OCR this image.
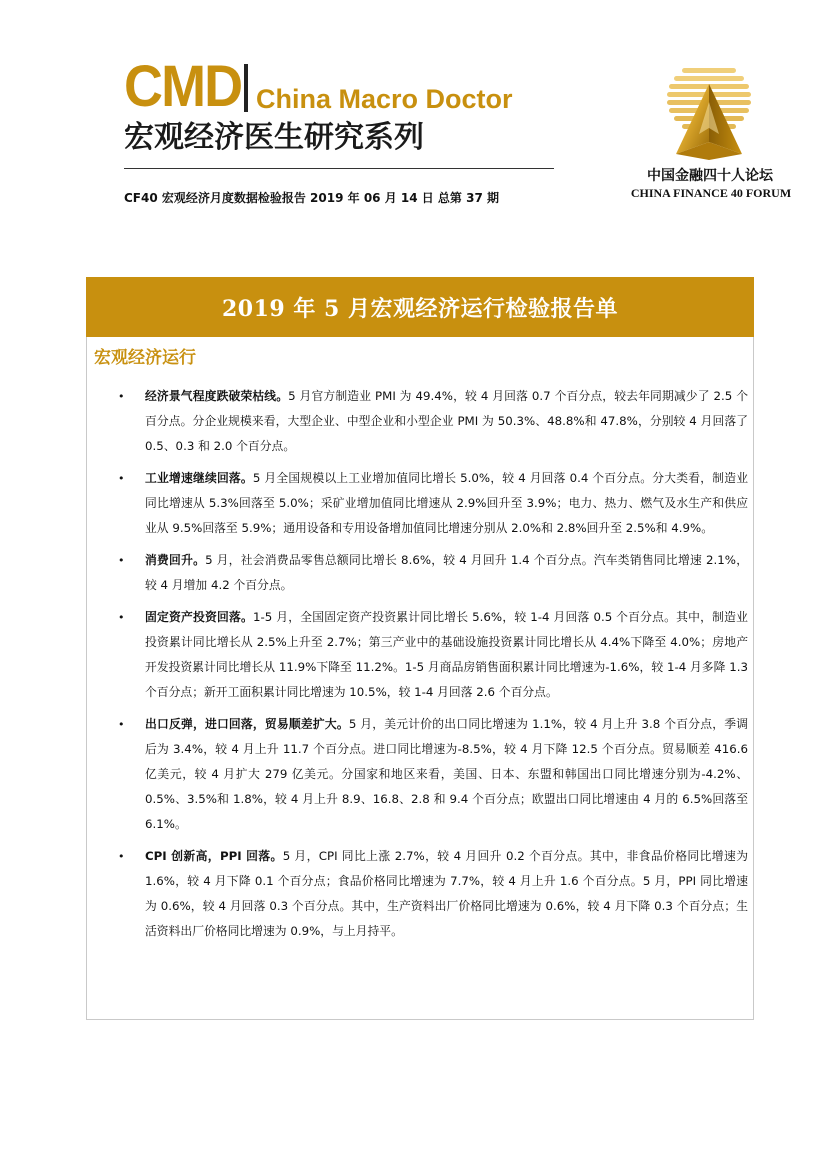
CMD China Macro Doctor
宏观经济医生研究系列
CF40 宏观经济月度数据检验报告 2019 年 06 月 14 日 总第 37 期
中国金融四十人论坛
CHINA FINANCE 40 FORUM
2019 年 5 月宏观经济运行检验报告单
宏观经济运行
• 经济景气程度跌破荣枯线。5 月官方制造业 PMI 为 49.4%，较 4 月回落 0.7 个百分点，较去年同期减少了 2.5 个百分点。分企业规模来看，大型企业、中型企业和小型企业 PMI 为 50.3%、48.8%和 47.8%，分别较 4 月回落了 0.5、0.3 和 2.0 个百分点。
• 工业增速继续回落。5 月全国规模以上工业增加值同比增长 5.0%，较 4 月回落 0.4 个百分点。分大类看，制造业同比增速从 5.3%回落至 5.0%；采矿业增加值同比增速从 2.9%回升至 3.9%；电力、热力、燃气及水生产和供应业从 9.5%回落至 5.9%；通用设备和专用设备增加值同比增速分别从 2.0%和 2.8%回升至 2.5%和 4.9%。
• 消费回升。5 月，社会消费品零售总额同比增长 8.6%，较 4 月回升 1.4 个百分点。汽车类销售同比增速 2.1%，较 4 月增加 4.2 个百分点。
• 固定资产投资回落。1-5 月，全国固定资产投资累计同比增长 5.6%，较 1-4 月回落 0.5 个百分点。其中，制造业投资累计同比增长从 2.5%上升至 2.7%；第三产业中的基础设施投资累计同比增长从 4.4%下降至 4.0%；房地产开发投资累计同比增长从 11.9%下降至 11.2%。1-5 月商品房销售面积累计同比增速为-1.6%，较 1-4 月多降 1.3 个百分点；新开工面积累计同比增速为 10.5%，较 1-4 月回落 2.6 个百分点。
• 出口反弹，进口回落，贸易顺差扩大。5 月，美元计价的出口同比增速为 1.1%，较 4 月上升 3.8 个百分点，季调后为 3.4%，较 4 月上升 11.7 个百分点。进口同比增速为-8.5%，较 4 月下降 12.5 个百分点。贸易顺差 416.6 亿美元，较 4 月扩大 279 亿美元。分国家和地区来看，美国、日本、东盟和韩国出口同比增速分别为-4.2%、0.5%、3.5%和 1.8%，较 4 月上升 8.9、16.8、2.8 和 9.4 个百分点；欧盟出口同比增速由 4 月的 6.5%回落至 6.1%。
• CPI 创新高，PPI 回落。5 月，CPI 同比上涨 2.7%，较 4 月回升 0.2 个百分点。其中，非食品价格同比增速为 1.6%，较 4 月下降 0.1 个百分点；食品价格同比增速为 7.7%，较 4 月上升 1.6 个百分点。5 月，PPI 同比增速为 0.6%，较 4 月回落 0.3 个百分点。其中，生产资料出厂价格同比增速为 0.6%，较 4 月下降 0.3 个百分点；生活资料出厂价格同比增速为 0.9%，与上月持平。
